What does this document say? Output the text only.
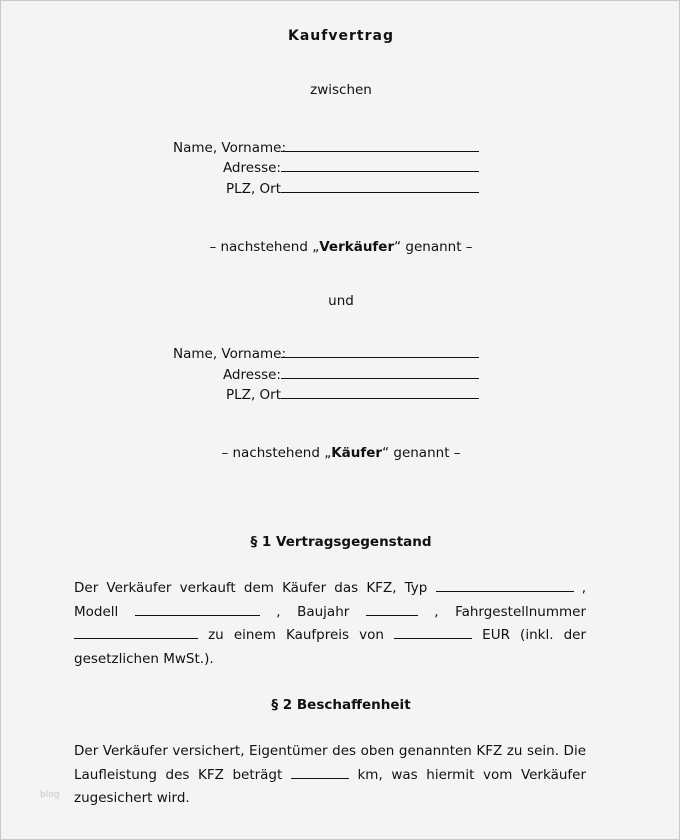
Kaufvertrag
zwischen
Name, Vorname:
Adresse:
PLZ, Ort
– nachstehend „Verkäufer“ genannt –
und
Name, Vorname:
Adresse:
PLZ, Ort
– nachstehend „Käufer“ genannt –
§ 1 Vertragsgegenstand
Der Verkäufer verkauft dem Käufer das KFZ, Typ	, Modell	, Baujahr	, Fahrgestellnummer  zu einem Kaufpreis von	EUR (inkl. der gesetzlichen MwSt.).
§ 2 Beschaffenheit
Der Verkäufer versichert, Eigentümer des oben genannten KFZ zu sein. Die Laufleistung des KFZ beträgt	km, was hiermit vom Verkäufer zugesichert wird.
blog
